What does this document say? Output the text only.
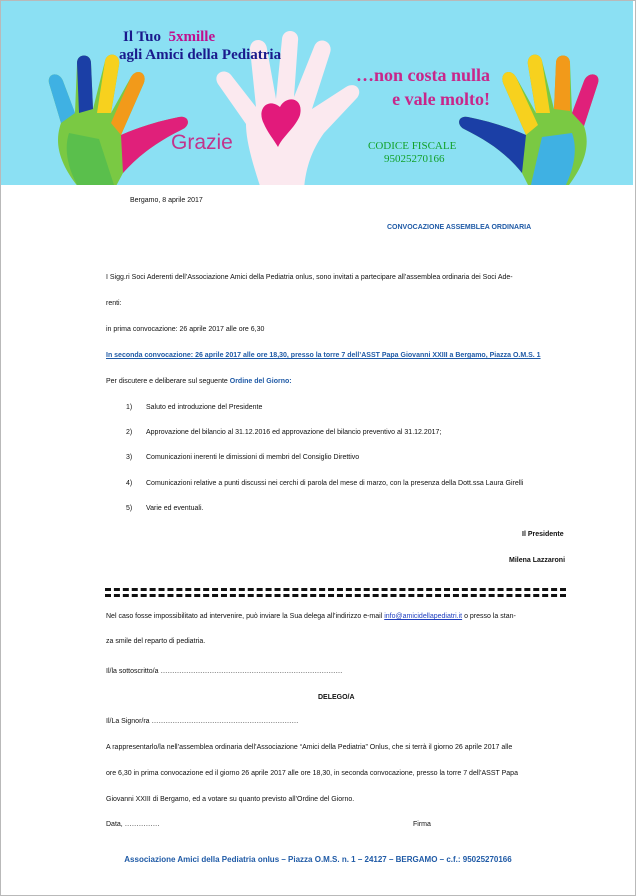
Il Tuo 5xmille
agli Amici della Pediatria
…non costa nulla
e vale molto!
Grazie	CODICE FISCALE
95025270166
Bergamo, 8 aprile 2017
CONVOCAZIONE ASSEMBLEA ORDINARIA
I Sigg.ri Soci Aderenti dell’Associazione Amici della Pediatria onlus, sono invitati a partecipare all’assemblea ordinaria dei Soci Ade-
renti:
in prima convocazione: 26 aprile 2017 alle ore 6,30
In seconda convocazione: 26 aprile 2017 alle ore 18,30, presso la torre 7 dell’ASST Papa Giovanni XXIII a Bergamo, Piazza O.M.S. 1
Per discutere e deliberare sul seguente Ordine del Giorno:
1) Saluto ed introduzione del Presidente
2) Approvazione del bilancio al 31.12.2016 ed approvazione del bilancio preventivo al 31.12.2017;
3) Comunicazioni inerenti le dimissioni di membri del Consiglio Direttivo
4) Comunicazioni relative a punti discussi nei cerchi di parola del mese di marzo, con la presenza della Dott.ssa Laura Girelli
5) Varie ed eventuali.
Il Presidente
Milena Lazzaroni
Nel caso fosse impossibilitato ad intervenire, può inviare la Sua delega all’indirizzo e-mail info@amicidellapediatri.it o presso la stan-
za smile del reparto di pediatria.
Il/la sottoscritto/a ……………………………………………………………………
DELEGO/A
Il/La Signor/ra ………………………………………………………
A rappresentarlo/la nell’assemblea ordinaria dell’Associazione “Amici della Pediatria” Onlus, che si terrà il giorno 26 aprile 2017 alle
ore 6,30 in prima convocazione ed il giorno 26 aprile 2017 alle ore 18,30, in seconda convocazione, presso la torre 7 dell’ASST Papa
Giovanni XXIII di Bergamo, ed a votare su quanto previsto all’Ordine del Giorno.
Data, ……………	Firma
Associazione Amici della Pediatria onlus – Piazza O.M.S. n. 1 – 24127 – BERGAMO – c.f.: 95025270166
